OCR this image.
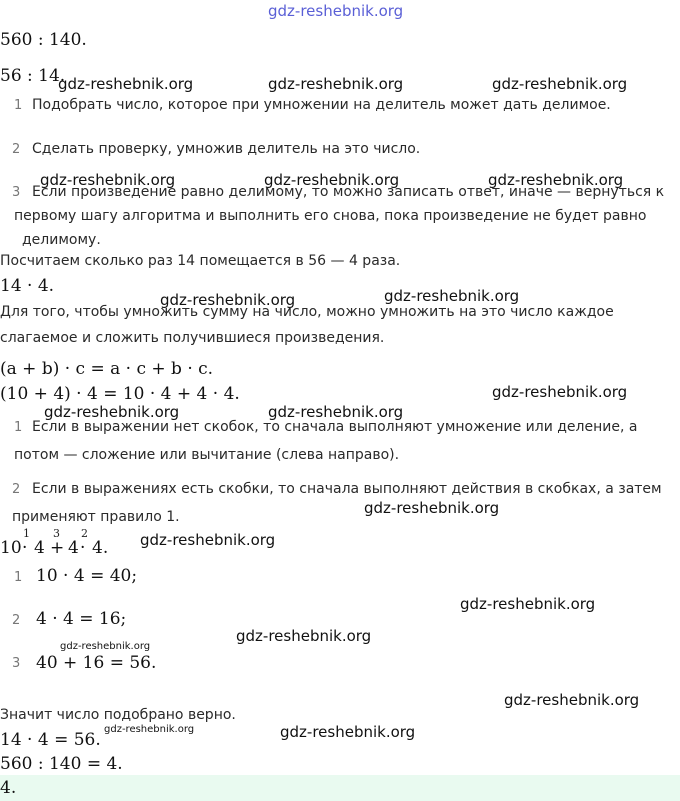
gdz-reshebnik.org
gdz-reshebnik.org	gdz-reshebnik.org	gdz-reshebnik.org
gdz-reshebnik.org	gdz-reshebnik.org	gdz-reshebnik.org
gdz-reshebnik.org	gdz-reshebnik.org
gdz-reshebnik.org
gdz-reshebnik.org	gdz-reshebnik.org
gdz-reshebnik.org
gdz-reshebnik.org
gdz-reshebnik.org
gdz-reshebnik.org
gdz-reshebnik.org
gdz-reshebnik.org
gdz-reshebnik.org	gdz-reshebnik.org
560 : 140.
56 : 14.
1 Подобрать число, которое при умножении на делитель может дать делимое.
2 Сделать проверку, умножив делитель на это число.
3 Если произведение равно делимому, то можно записать ответ, иначе — вернуться к
первому шагу алгоритма и выполнить его снова, пока произведение не будет равно
делимому.
Посчитаем сколько раз 14 помещается в 56 — 4 раза.
14 · 4.
Для того, чтобы умножить сумму на число, можно умножить на это число каждое
слагаемое и сложить получившиеся произведения.
(a + b) · c = a · c + b · c.
(10 + 4) · 4 = 10 · 4 + 4 · 4.
1 Если в выражении нет скобок, то сначала выполняют умножение или деление, а
потом — сложение или вычитание (слева направо).
2 Если в выражениях есть скобки, то сначала выполняют действия в скобках, а затем
применяют правило 1.
10 · 4 + 4 · 4.
1 3 2
1 10 · 4 = 40;
2 4 · 4 = 16;
3 40 + 16 = 56.
Значит число подобрано верно.
14 · 4 = 56.
560 : 140 = 4.
4.
